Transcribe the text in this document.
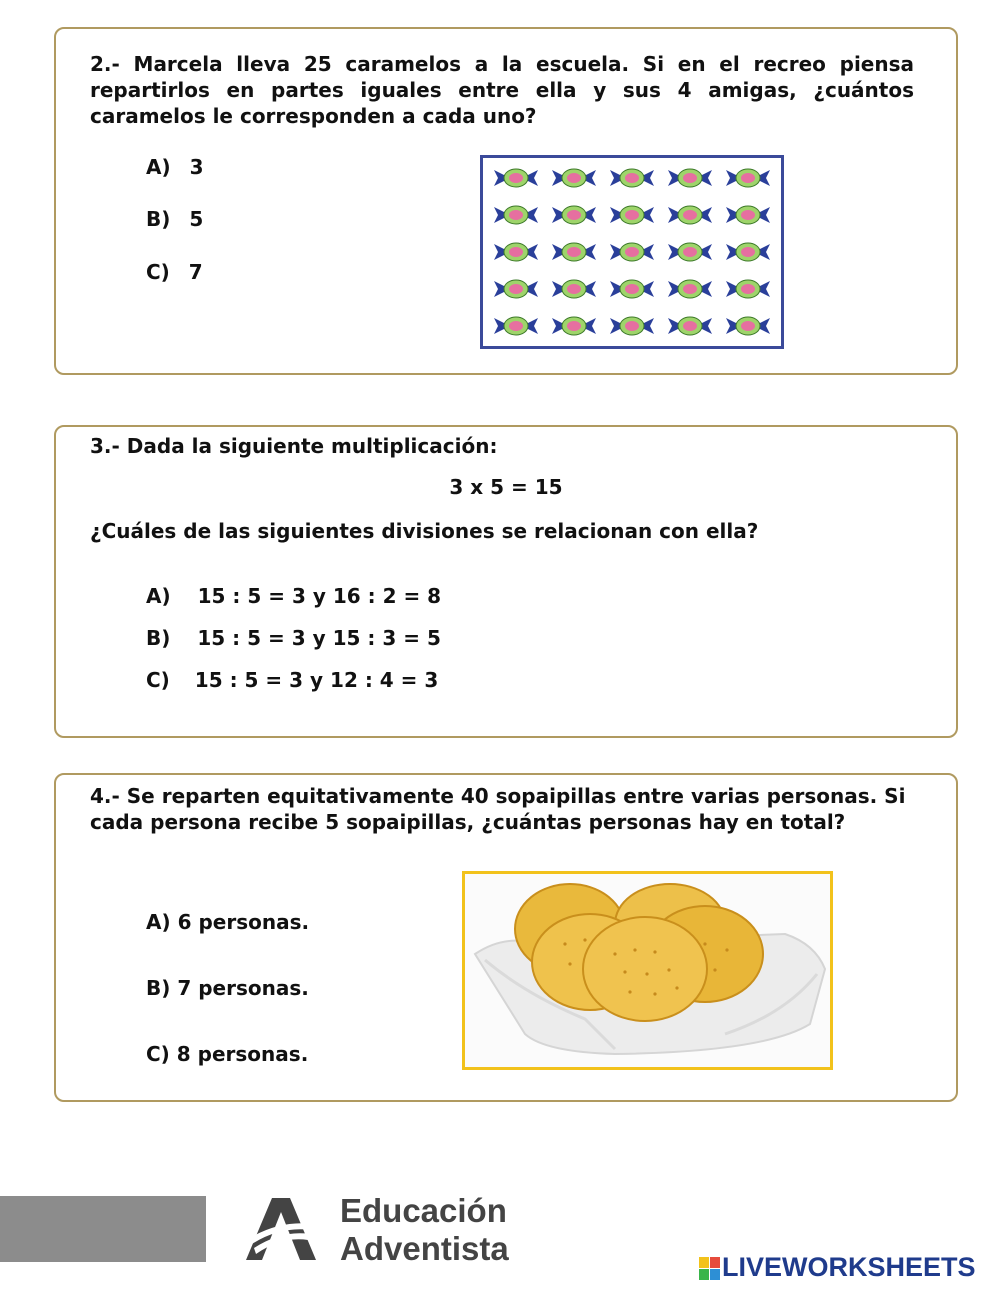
2.- Marcela lleva 25 caramelos a la escuela. Si en el recreo piensa repartirlos en partes iguales entre ella y sus 4 amigas, ¿cuántos caramelos le corresponden a cada uno?
A) 3
B) 5
C) 7
3.- Dada la siguiente multiplicación:
3 x 5 = 15
¿Cuáles de las siguientes divisiones se relacionan con ella?
A) 15 : 5 = 3 y 16 : 2 = 8
B) 15 : 5 = 3 y 15 : 3 = 5
C) 15 : 5 = 3 y 12 : 4 = 3
4.- Se reparten equitativamente 40 sopaipillas entre varias personas. Si cada persona recibe 5 sopaipillas, ¿cuántas personas hay en total?
A) 6 personas.
B) 7 personas.
C) 8 personas.
Educación
Adventista	LIVEWORKSHEETS
